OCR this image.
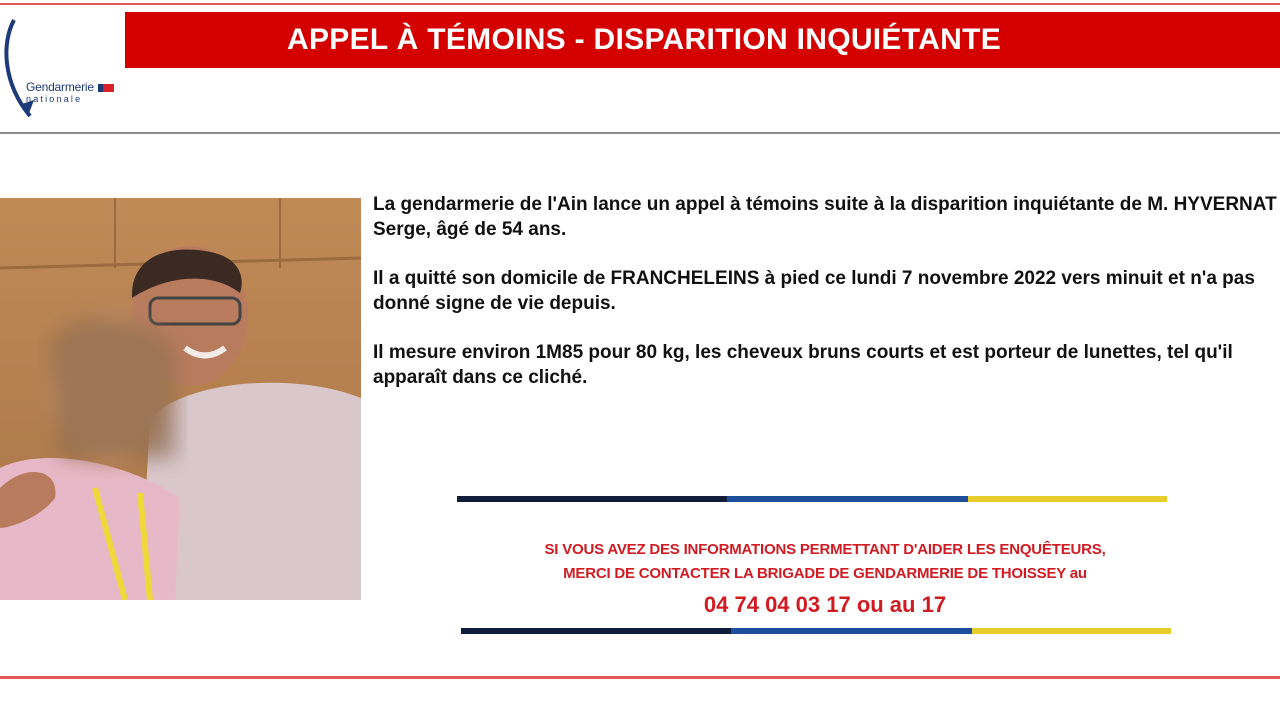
Gendarmerie
nationale
APPEL À TÉMOINS - DISPARITION INQUIÉTANTE

La gendarmerie de l'Ain lance un appel à témoins suite à la disparition inquiétante de M. HYVERNAT Serge, âgé de 54 ans.

Il a quitté son domicile de FRANCHELEINS à pied ce lundi 7 novembre 2022 vers minuit et n'a pas donné signe de vie depuis.

Il mesure environ 1M85 pour 80 kg, les cheveux bruns courts et est porteur de lunettes, tel qu'il apparaît dans ce cliché.

SI VOUS AVEZ DES INFORMATIONS PERMETTANT D'AIDER LES ENQUÊTEURS,
MERCI DE CONTACTER LA BRIGADE DE GENDARMERIE DE THOISSEY au
04 74 04 03 17 ou au 17
